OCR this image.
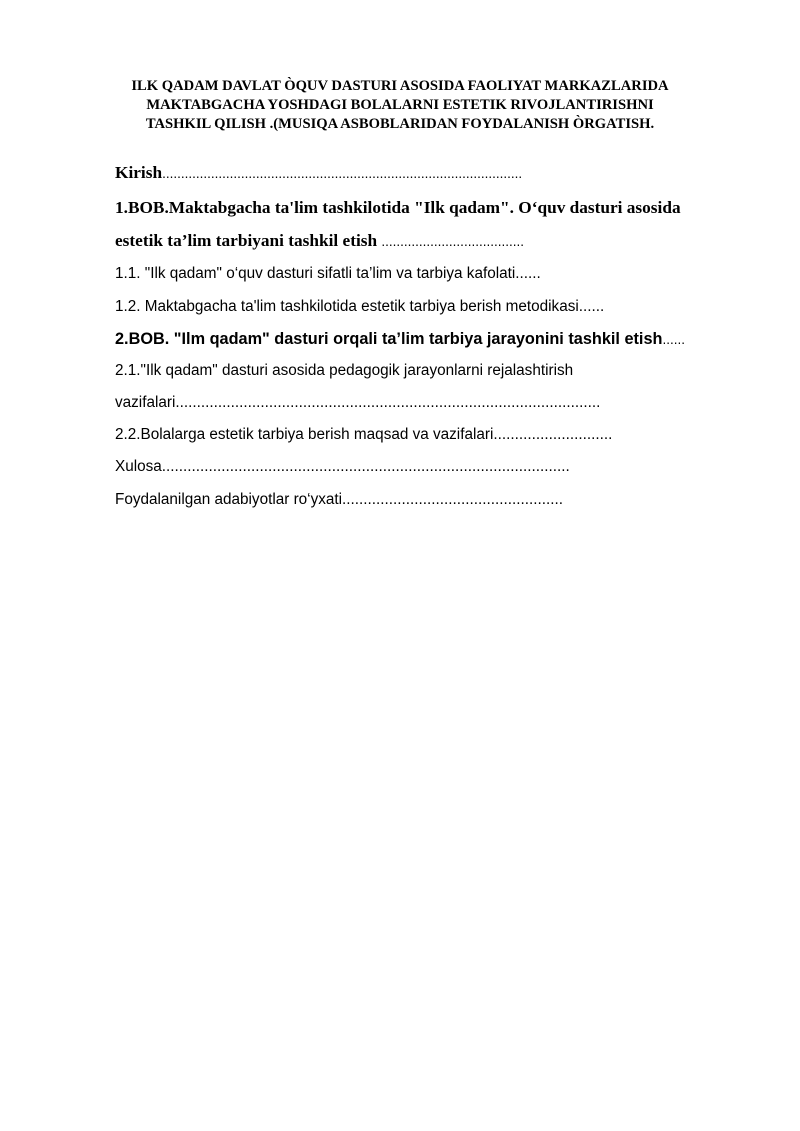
ILK QADAM DAVLAT ÒQUV DASTURI ASOSIDA FAOLIYAT MARKAZLARIDA
MAKTABGACHA YOSHDAGI BOLALARNI ESTETIK RIVOJLANTIRISHNI
TASHKIL QILISH .(MUSIQA ASBOBLARIDAN FOYDALANISH ÒRGATISH.
Kirish................................................................................................
1.BOB.Maktabgacha ta'lim tashkilotida "Ilk qadam". O‘quv dasturi asosida
estetik ta’lim tarbiyani tashkil etish ......................................
1.1. "Ilk qadam" o‘quv dasturi sifatli ta’lim va tarbiya kafolati......
1.2. Maktabgacha ta'lim tashkilotida estetik tarbiya berish metodikasi......
2.BOB. "Ilm qadam" dasturi orqali ta’lim tarbiya jarayonini tashkil etish......
2.1."Ilk qadam" dasturi asosida pedagogik jarayonlarni rejalashtirish
vazifalari....................................................................................................
2.2.Bolalarga estetik tarbiya berish maqsad va vazifalari............................
Xulosa................................................................................................
Foydalanilgan adabiyotlar ro‘yxati....................................................
